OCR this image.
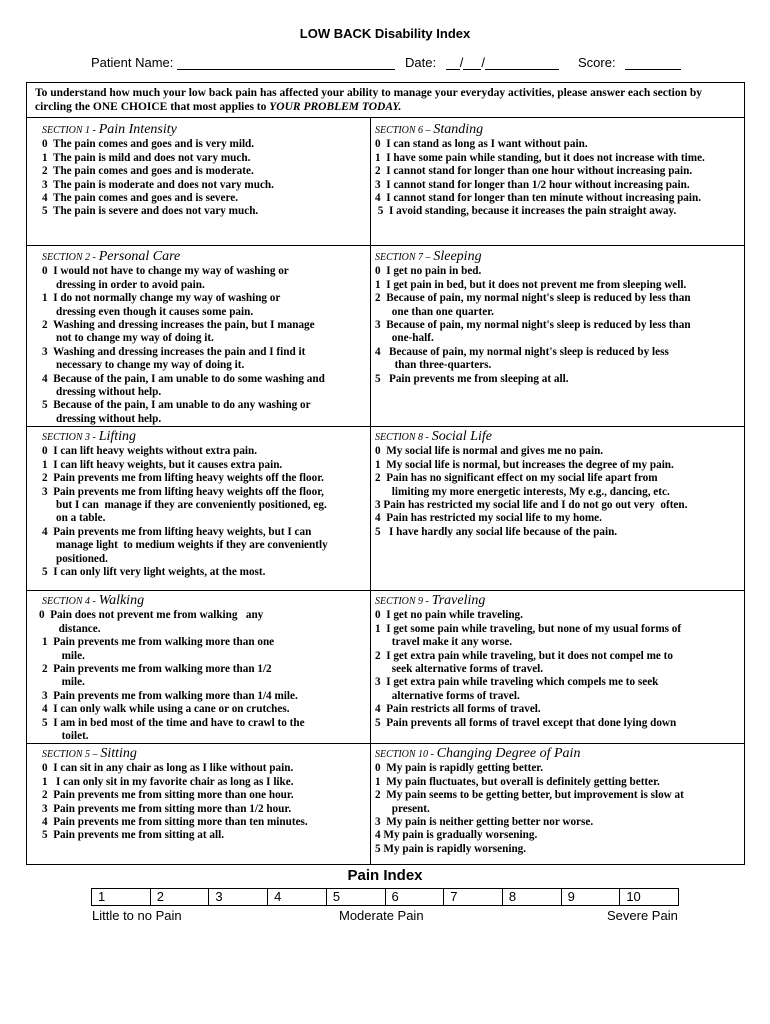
LOW BACK Disability Index
Patient Name:	Date: / /	Score:
To understand how much your low back pain has affected your ability to manage your everyday activities, please answer each section by circling the ONE CHOICE that most applies to YOUR PROBLEM TODAY.
SECTION 1 - Pain Intensity
0  The pain comes and goes and is very mild.
1  The pain is mild and does not vary much.
2  The pain comes and goes and is moderate.
3  The pain is moderate and does not vary much.
4  The pain comes and goes and is severe.
5  The pain is severe and does not vary much.
SECTION 6 – Standing
0  I can stand as long as I want without pain.
1  I have some pain while standing, but it does not increase with time.
2  I cannot stand for longer than one hour without increasing pain.
3  I cannot stand for longer than 1/2 hour without increasing pain.
4  I cannot stand for longer than ten minute without increasing pain.
5  I avoid standing, because it increases the pain straight away.
SECTION 2 - Personal Care
0  I would not have to change my way of washing or
dressing in order to avoid pain.
1  I do not normally change my way of washing or
dressing even though it causes some pain.
2  Washing and dressing increases the pain, but I manage
not to change my way of doing it.
3  Washing and dressing increases the pain and I find it
necessary to change my way of doing it.
4  Because of the pain, I am unable to do some washing and
dressing without help.
5  Because of the pain, I am unable to do any washing or
dressing without help.
SECTION 7 – Sleeping
0  I get no pain in bed.
1  I get pain in bed, but it does not prevent me from sleeping well.
2  Because of pain, my normal night's sleep is reduced by less than
one than one quarter.
3  Because of pain, my normal night's sleep is reduced by less than
one-half.
4   Because of pain, my normal night's sleep is reduced by less
than three-quarters.
5   Pain prevents me from sleeping at all.
SECTION 3 - Lifting
0  I can lift heavy weights without extra pain.
1  I can lift heavy weights, but it causes extra pain.
2  Pain prevents me from lifting heavy weights off the floor.
3  Pain prevents me from lifting heavy weights off the floor,
but I can  manage if they are conveniently positioned, eg.
on a table.
4  Pain prevents me from lifting heavy weights, but I can
manage light  to medium weights if they are conveniently
positioned.
5  I can only lift very light weights, at the most.
SECTION 8 - Social Life
0  My social life is normal and gives me no pain.
1  My social life is normal, but increases the degree of my pain.
2  Pain has no significant effect on my social life apart from
limiting my more energetic interests, My e.g., dancing, etc.
3 Pain has restricted my social life and I do not go out very  often.
4  Pain has restricted my social life to my home.
5   I have hardly any social life because of the pain.
SECTION 4 - Walking
0  Pain does not prevent me from walking   any
distance.
1  Pain prevents me from walking more than one
mile.
2  Pain prevents me from walking more than 1/2
mile.
3  Pain prevents me from walking more than 1/4 mile.
4  I can only walk while using a cane or on crutches.
5  I am in bed most of the time and have to crawl to the
toilet.
SECTION 9 - Traveling
0  I get no pain while traveling.
1  I get some pain while traveling, but none of my usual forms of
travel make it any worse.
2  I get extra pain while traveling, but it does not compel me to
seek alternative forms of travel.
3  I get extra pain while traveling which compels me to seek
alternative forms of travel.
4  Pain restricts all forms of travel.
5  Pain prevents all forms of travel except that done lying down
SECTION 5 – Sitting
0  I can sit in any chair as long as I like without pain.
1   I can only sit in my favorite chair as long as I like.
2  Pain prevents me from sitting more than one hour.
3  Pain prevents me from sitting more than 1/2 hour.
4  Pain prevents me from sitting more than ten minutes.
5  Pain prevents me from sitting at all.
SECTION 10 - Changing Degree of Pain
0  My pain is rapidly getting better.
1  My pain fluctuates, but overall is definitely getting better.
2  My pain seems to be getting better, but improvement is slow at
present.
3  My pain is neither getting better nor worse.
4 My pain is gradually worsening.
5 My pain is rapidly worsening.
Pain Index
1	2	3	4	5	6	7	8	9	10
Little to no Pain	Moderate Pain	Severe Pain
